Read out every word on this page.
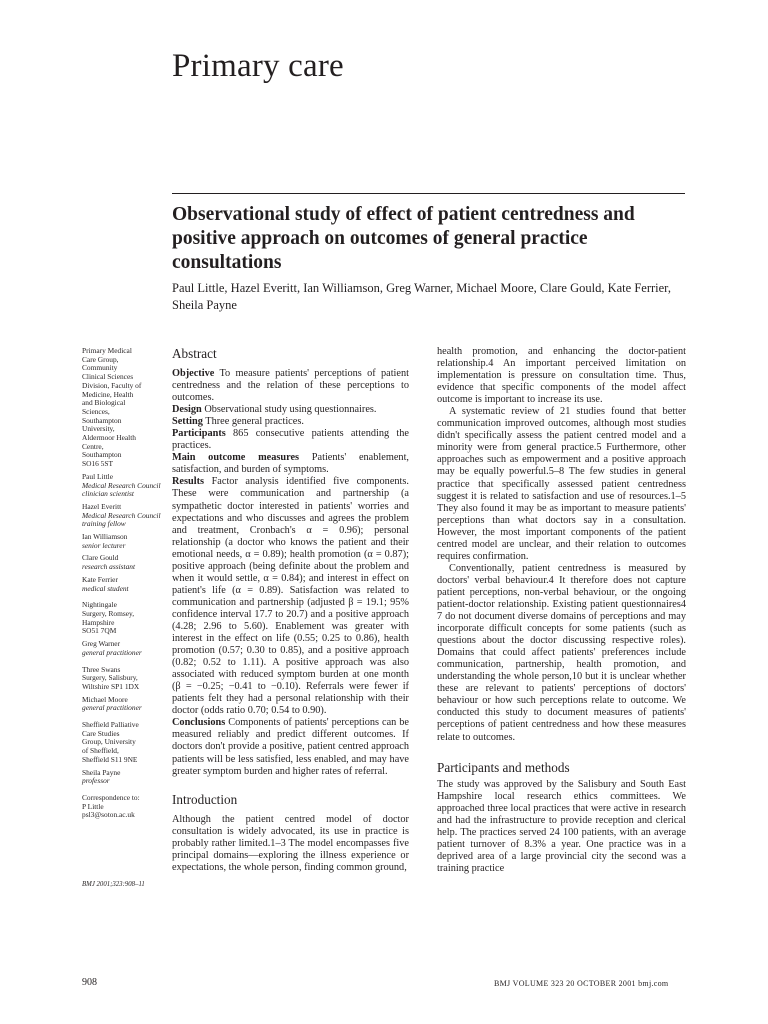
Primary care
Observational study of effect of patient centredness and positive approach on outcomes of general practice consultations
Paul Little, Hazel Everitt, Ian Williamson, Greg Warner, Michael Moore, Clare Gould, Kate Ferrier, Sheila Payne
Primary Medical
Care Group,
Community
Clinical Sciences
Division, Faculty of
Medicine, Health
and Biological
Sciences,
Southampton
University,
Aldermoor Health
Centre,
Southampton
SO16 5ST
Paul Little
Medical Research Council clinician scientist
Hazel Everitt
Medical Research Council training fellow
Ian Williamson
senior lecturer
Clare Gould
research assistant
Kate Ferrier
medical student
Nightingale
Surgery, Romsey,
Hampshire
SO51 7QM
Greg Warner
general practitioner
Three Swans
Surgery, Salisbury,
Wiltshire SP1 1DX
Michael Moore
general practitioner
Sheffield Palliative
Care Studies
Group, University
of Sheffield,
Sheffield S11 9NE
Sheila Payne
professor
Correspondence to:
P Little
psl3@soton.ac.uk
BMJ 2001;323:908–11
Abstract

Objective To measure patients' perceptions of patient centredness and the relation of these perceptions to outcomes.

Design Observational study using questionnaires.

Setting Three general practices.

Participants 865 consecutive patients attending the practices.

Main outcome measures Patients' enablement, satisfaction, and burden of symptoms.

Results Factor analysis identified five components. These were communication and partnership (a sympathetic doctor interested in patients' worries and expectations and who discusses and agrees the problem and treatment, Cronbach's α = 0.96); personal relationship (a doctor who knows the patient and their emotional needs, α = 0.89); health promotion (α = 0.87); positive approach (being definite about the problem and when it would settle, α = 0.84); and interest in effect on patient's life (α = 0.89). Satisfaction was related to communication and partnership (adjusted β = 19.1; 95% confidence interval 17.7 to 20.7) and a positive approach (4.28; 2.96 to 5.60). Enablement was greater with interest in the effect on life (0.55; 0.25 to 0.86), health promotion (0.57; 0.30 to 0.85), and a positive approach (0.82; 0.52 to 1.11). A positive approach was also associated with reduced symptom burden at one month (β = −0.25; −0.41 to −0.10). Referrals were fewer if patients felt they had a personal relationship with their doctor (odds ratio 0.70; 0.54 to 0.90).

Conclusions Components of patients' perceptions can be measured reliably and predict different outcomes. If doctors don't provide a positive, patient centred approach patients will be less satisfied, less enabled, and may have greater symptom burden and higher rates of referral.

Introduction

Although the patient centred model of doctor consultation is widely advocated, its use in practice is probably rather limited.1–3 The model encompasses five principal domains—exploring the illness experience or expectations, the whole person, finding common ground,

health promotion, and enhancing the doctor-patient relationship.4 An important perceived limitation on implementation is pressure on consultation time. Thus, evidence that specific components of the model affect outcome is important to increase its use.

A systematic review of 21 studies found that better communication improved outcomes, although most studies didn't specifically assess the patient centred model and a minority were from general practice.5 Furthermore, other approaches such as empowerment and a positive approach may be equally powerful.5–8 The few studies in general practice that specifically assessed patient centredness suggest it is related to satisfaction and use of resources.1–5 They also found it may be as important to measure patients' perceptions than what doctors say in a consultation. However, the most important components of the patient centred model are unclear, and their relation to outcomes requires confirmation.

Conventionally, patient centredness is measured by doctors' verbal behaviour.4 It therefore does not capture patient perceptions, non-verbal behaviour, or the ongoing patient-doctor relationship. Existing patient questionnaires4 7 do not document diverse domains of perceptions and may incorporate difficult concepts for some patients (such as questions about the doctor discussing respective roles). Domains that could affect patients' preferences include communication, partnership, health promotion, and understanding the whole person,10 but it is unclear whether these are relevant to patients' perceptions of doctors' behaviour or how such perceptions relate to outcome. We conducted this study to document measures of patients' perceptions of patient centredness and how these measures relate to outcomes.

Participants and methods

The study was approved by the Salisbury and South East Hampshire local research ethics committees. We approached three local practices that were active in research and had the infrastructure to provide reception and clerical help. The practices served 24 100 patients, with an average patient turnover of 8.3% a year. One practice was in a deprived area of a large provincial city the second was a training practice

908	BMJ VOLUME 323 20 OCTOBER 2001 bmj.com
